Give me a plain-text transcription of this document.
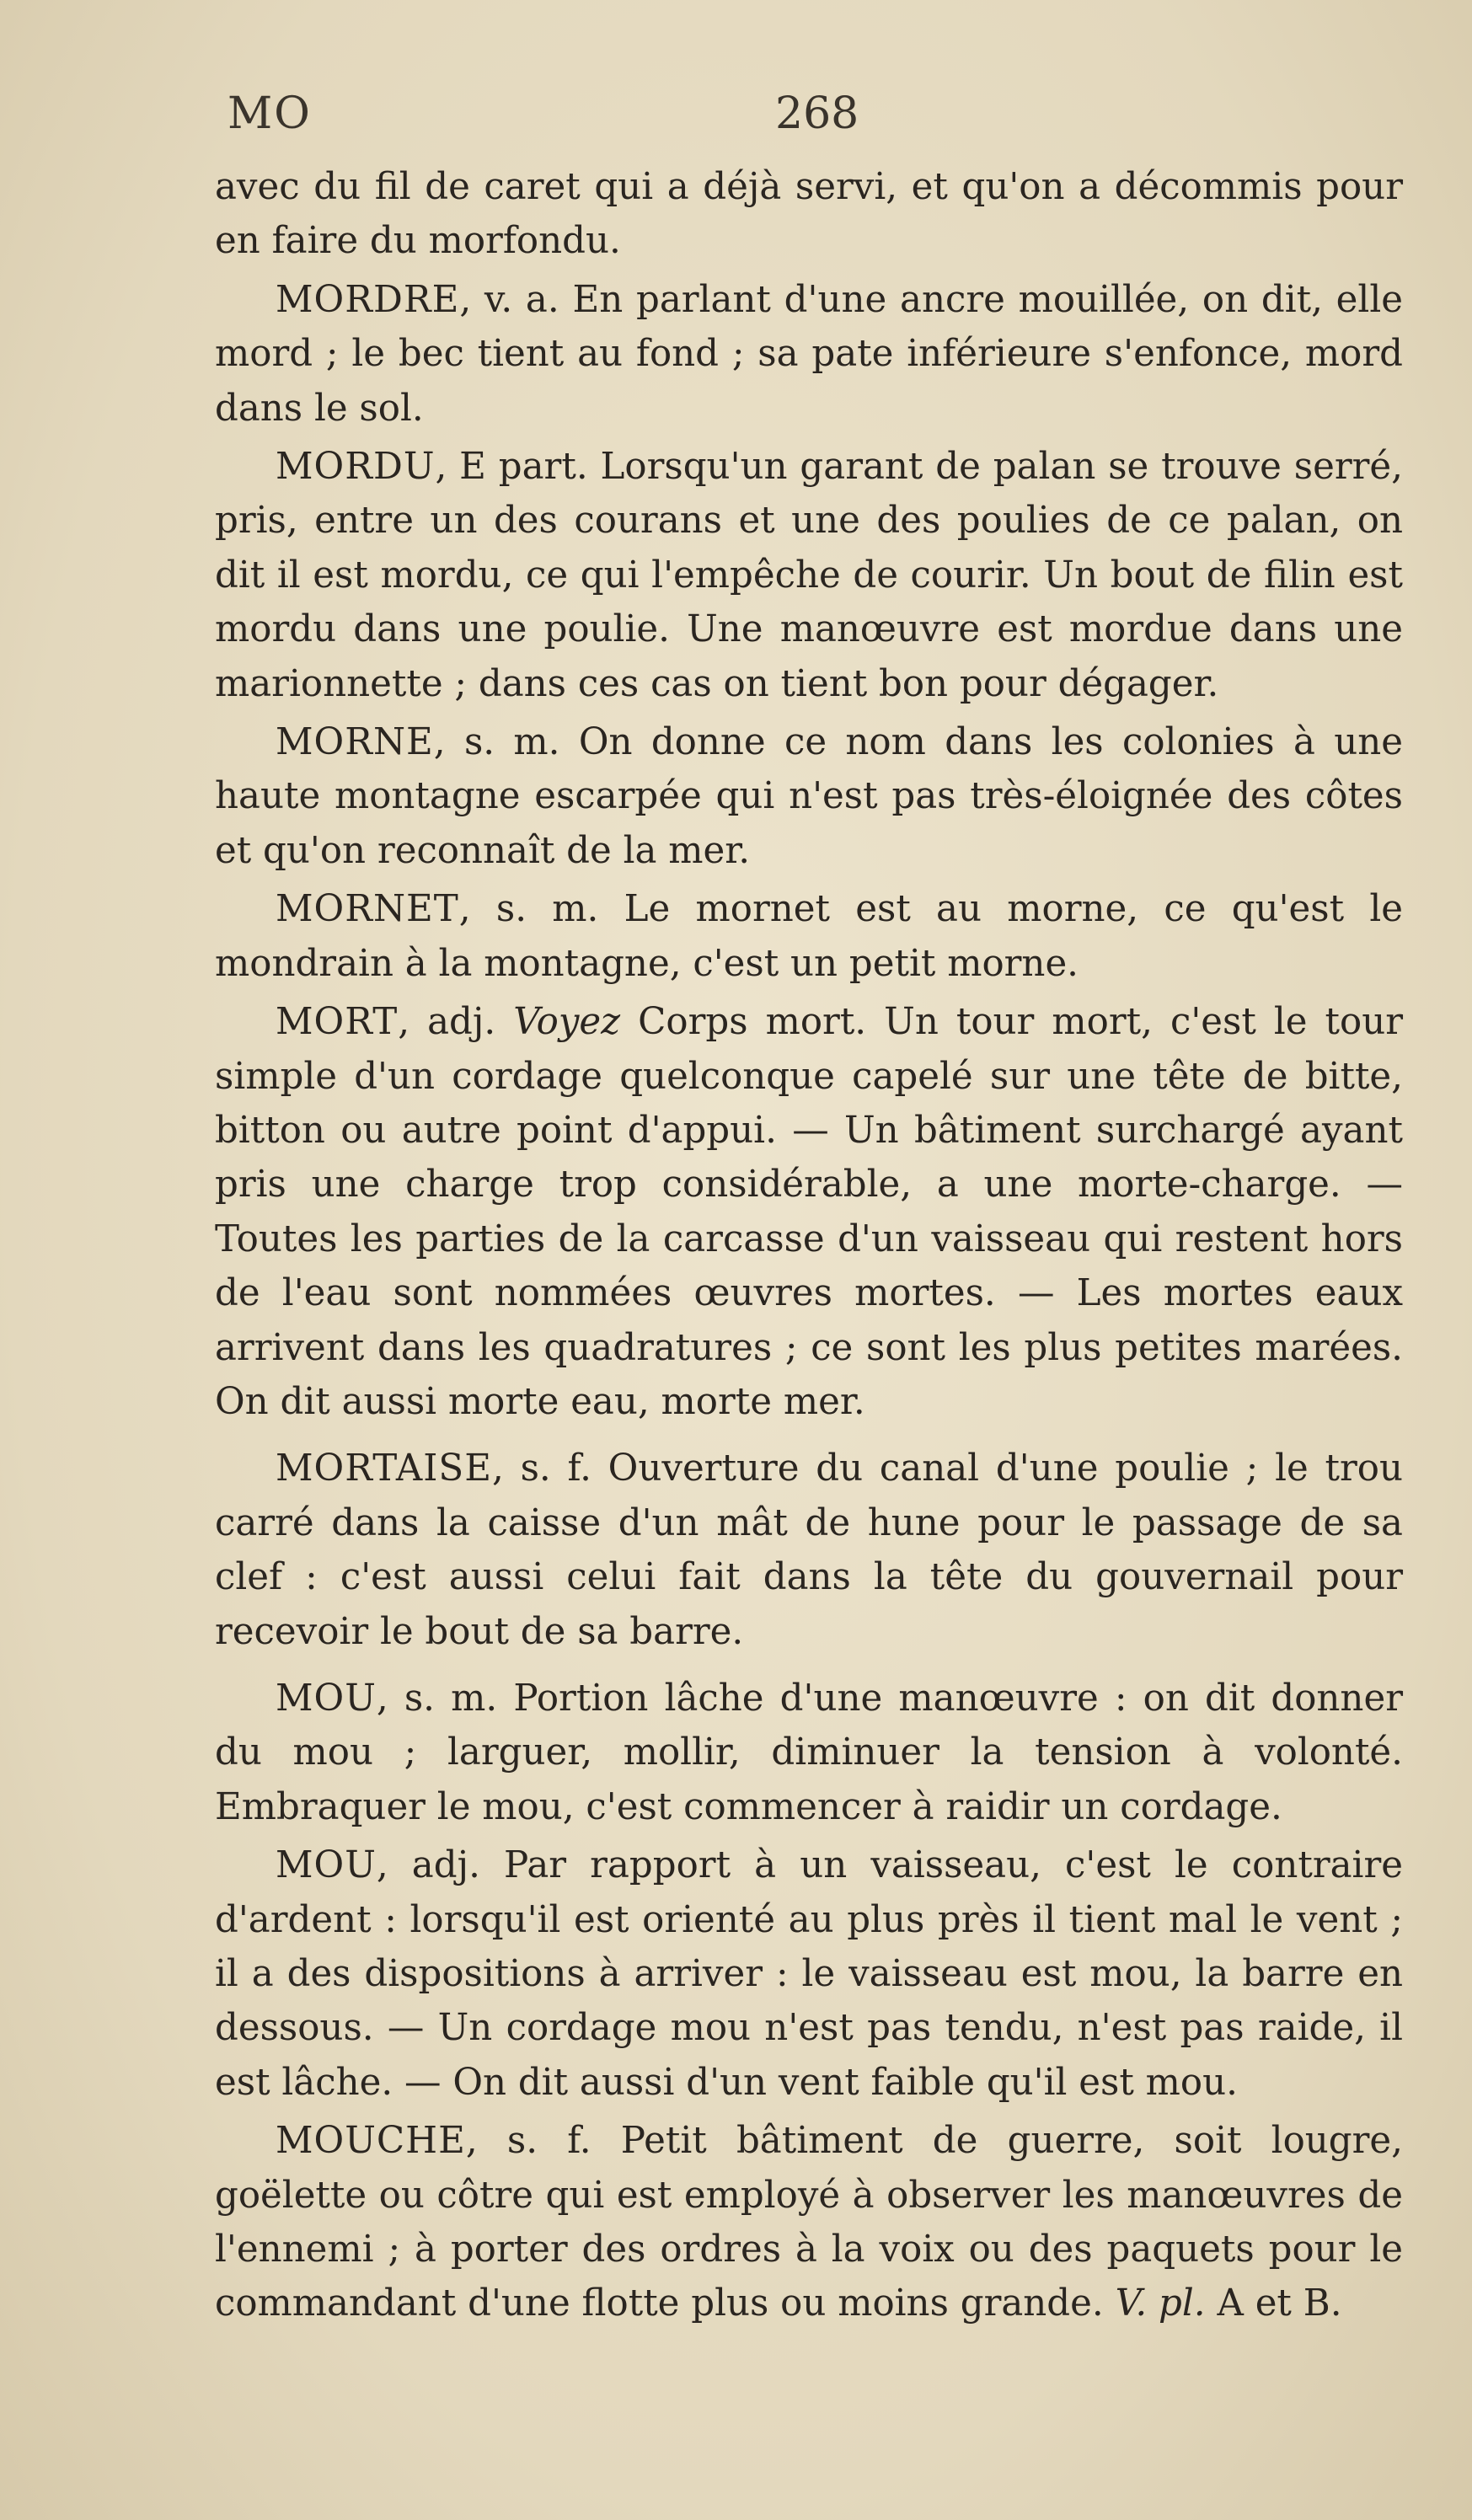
MO	268

avec du fil de caret qui a déjà servi, et qu'on a décommis pour en faire du morfondu.

MORDRE, v. a. En parlant d'une ancre mouillée, on dit, elle mord ; le bec tient au fond ; sa pate inférieure s'enfonce, mord dans le sol.

MORDU, E part. Lorsqu'un garant de palan se trouve serré, pris, entre un des courans et une des poulies de ce palan, on dit il est mordu, ce qui l'empêche de courir. Un bout de filin est mordu dans une poulie. Une manœuvre est mordue dans une marionnette ; dans ces cas on tient bon pour dégager.

MORNE, s. m. On donne ce nom dans les colonies à une haute montagne escarpée qui n'est pas très-éloignée des côtes et qu'on reconnaît de la mer.

MORNET, s. m. Le mornet est au morne, ce qu'est le mondrain à la montagne, c'est un petit morne.

MORT, adj. Voyez Corps mort. Un tour mort, c'est le tour simple d'un cordage quelconque capelé sur une tête de bitte, bitton ou autre point d'appui. — Un bâtiment surchargé ayant pris une charge trop considérable, a une morte-charge. — Toutes les parties de la carcasse d'un vaisseau qui restent hors de l'eau sont nommées œuvres mortes. — Les mortes eaux arrivent dans les quadratures ; ce sont les plus petites marées. On dit aussi morte eau, morte mer.

MORTAISE, s. f. Ouverture du canal d'une poulie ; le trou carré dans la caisse d'un mât de hune pour le passage de sa clef : c'est aussi celui fait dans la tête du gouvernail pour recevoir le bout de sa barre.

MOU, s. m. Portion lâche d'une manœuvre : on dit donner du mou ; larguer, mollir, diminuer la tension à volonté. Embraquer le mou, c'est commencer à raidir un cordage.

MOU, adj. Par rapport à un vaisseau, c'est le contraire d'ardent : lorsqu'il est orienté au plus près il tient mal le vent ; il a des dispositions à arriver : le vaisseau est mou, la barre en dessous. — Un cordage mou n'est pas tendu, n'est pas raide, il est lâche. — On dit aussi d'un vent faible qu'il est mou.

MOUCHE, s. f. Petit bâtiment de guerre, soit lougre, goëlette ou côtre qui est employé à observer les manœuvres de l'ennemi ; à porter des ordres à la voix ou des paquets pour le commandant d'une flotte plus ou moins grande. V. pl. A et B.
